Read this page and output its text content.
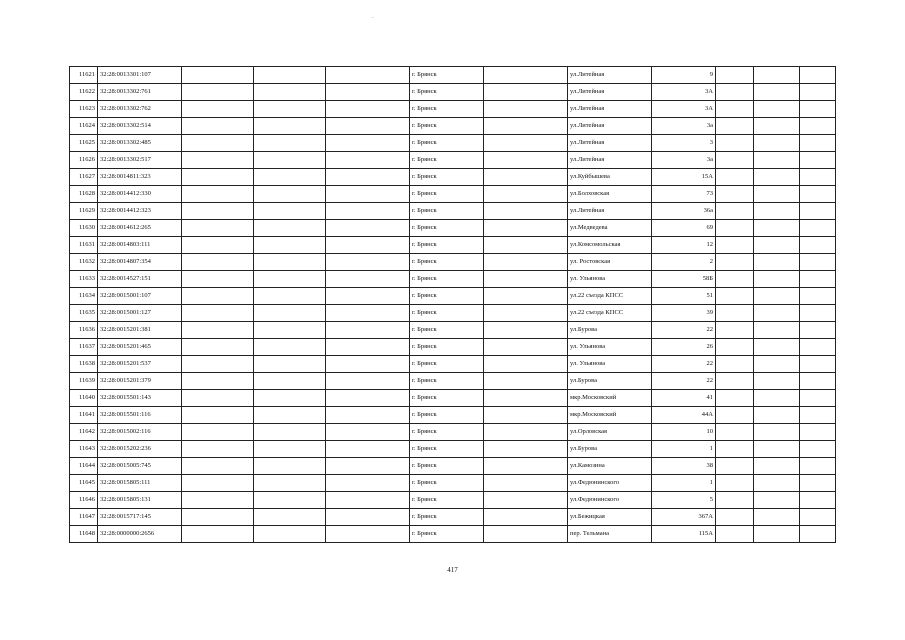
-
11621	32:28:0013301:107				г. Брянск		ул.Литейная	9			
11622	32:28:0013302:761				г. Брянск		ул.Литейная	3А			
11623	32:28:0013302:762				г. Брянск		ул.Литейная	3А			
11624	32:28:0013302:514				г. Брянск		ул.Литейная	3а			
11625	32:28:0013302:485				г. Брянск		ул.Литейная	3			
11626	32:28:0013302:517				г. Брянск		ул.Литейная	3а			
11627	32:28:0014811:323				г. Брянск		ул.Куйбышева	15А			
11628	32:28:0014412:330				г. Брянск		ул.Болховская	73			
11629	32:28:0014412:323				г. Брянск		ул.Литейная	36а			
11630	32:28:0014612:265				г. Брянск		ул.Медведева	69			
11631	32:28:0014803:111				г. Брянск		ул.Комсомольская	12			
11632	32:28:0014807:354				г. Брянск		ул. Ростовская	2			
11633	32:28:0014527:151				г. Брянск		ул. Ульянова	58Б			
11634	32:28:0015001:107				г. Брянск		ул.22 съезда КПСС	51			
11635	32:28:0015001:127				г. Брянск		ул.22 съезда КПСС	39			
11636	32:28:0015201:381				г. Брянск		ул.Бурова	22			
11637	32:28:0015201:465				г. Брянск		ул. Ульянова	26			
11638	32:28:0015201:537				г. Брянск		ул. Ульянова	22			
11639	32:28:0015201:379				г. Брянск		ул.Бурова	22			
11640	32:28:0015501:143				г. Брянск		мкр.Московский	41			
11641	32:28:0015501:116				г. Брянск		мкр.Московский	44А			
11642	32:28:0015002:116				г. Брянск		ул.Орловская	10			
11643	32:28:0015202:236				г. Брянск		ул.Бурова	1			
11644	32:28:0015005:745				г. Брянск		ул.Камозина	38			
11645	32:28:0015805:111				г. Брянск		ул.Федюнинского	1			
11646	32:28:0015805:131				г. Брянск		ул.Федюнинского	5			
11647	32:28:0015717:145				г. Брянск		ул.Бежицкая	367А			
11648	32:28:0000000:2656				г. Брянск		пер. Тельмана	115А			
417
